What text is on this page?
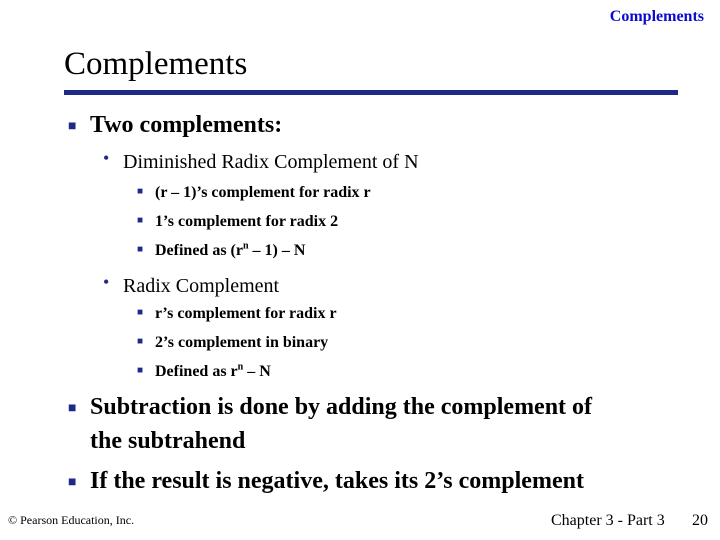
Complements
Complements
■ Two complements:
• Diminished Radix Complement of N
■ (r – 1)’s complement for radix r
■ 1’s complement for radix 2
■ Defined as $(r^n - 1)$ – N
• Radix Complement
■ r’s complement for radix r
■ 2’s complement in binary
■ Defined as $r^n$ – N
■ Subtraction is done by adding the complement of
the subtrahend
■ If the result is negative, takes its 2’s complement
© Pearson Education, Inc.	Chapter 3 - Part 3 20
